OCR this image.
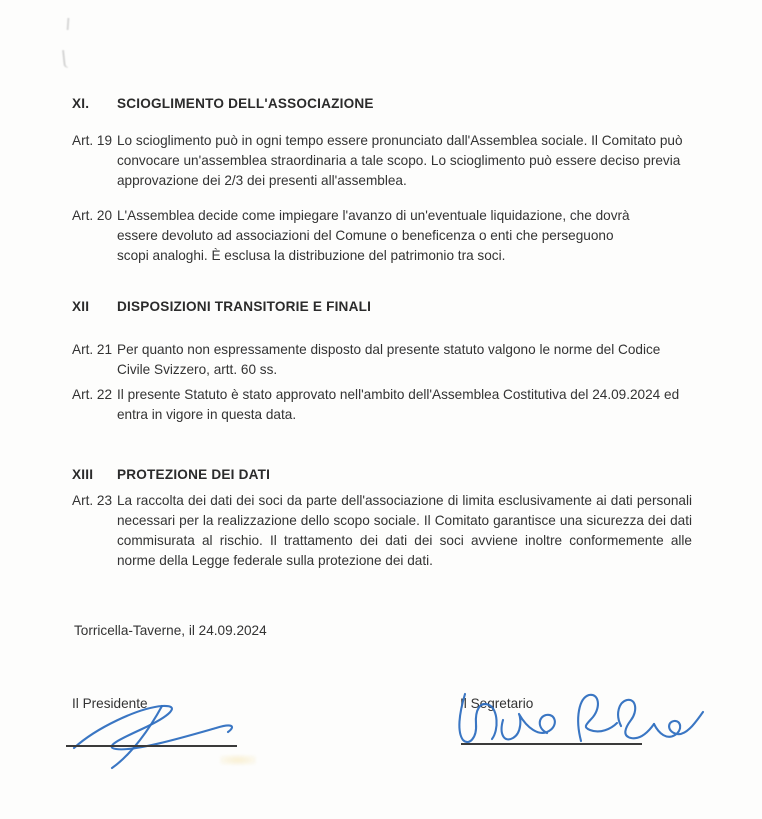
XI. SCIOGLIMENTO DELL'ASSOCIAZIONE
Art. 19 Lo scioglimento può in ogni tempo essere pronunciato dall'Assemblea sociale. Il Comitato può convocare un'assemblea straordinaria a tale scopo. Lo scioglimento può essere deciso previa approvazione dei 2/3 dei presenti all'assemblea.
Art. 20 L'Assemblea decide come impiegare l'avanzo di un'eventuale liquidazione, che dovrà essere devoluto ad associazioni del Comune o beneficenza o enti che perseguono scopi analoghi. È esclusa la distribuzione del patrimonio tra soci.
XII DISPOSIZIONI TRANSITORIE E FINALI
Art. 21 Per quanto non espressamente disposto dal presente statuto valgono le norme del Codice Civile Svizzero, artt. 60 ss.
Art. 22 Il presente Statuto è stato approvato nell'ambito dell'Assemblea Costitutiva del 24.09.2024 ed entra in vigore in questa data.
XIII PROTEZIONE DEI DATI
Art. 23 La raccolta dei dati dei soci da parte dell'associazione di limita esclusivamente ai dati personali necessari per la realizzazione dello scopo sociale. Il Comitato garantisce una sicurezza dei dati commisurata al rischio. Il trattamento dei dati dei soci avviene inoltre conformemente alle norme della Legge federale sulla protezione dei dati.
Torricella-Taverne, il 24.09.2024
Il Presidente	Il Segretario
